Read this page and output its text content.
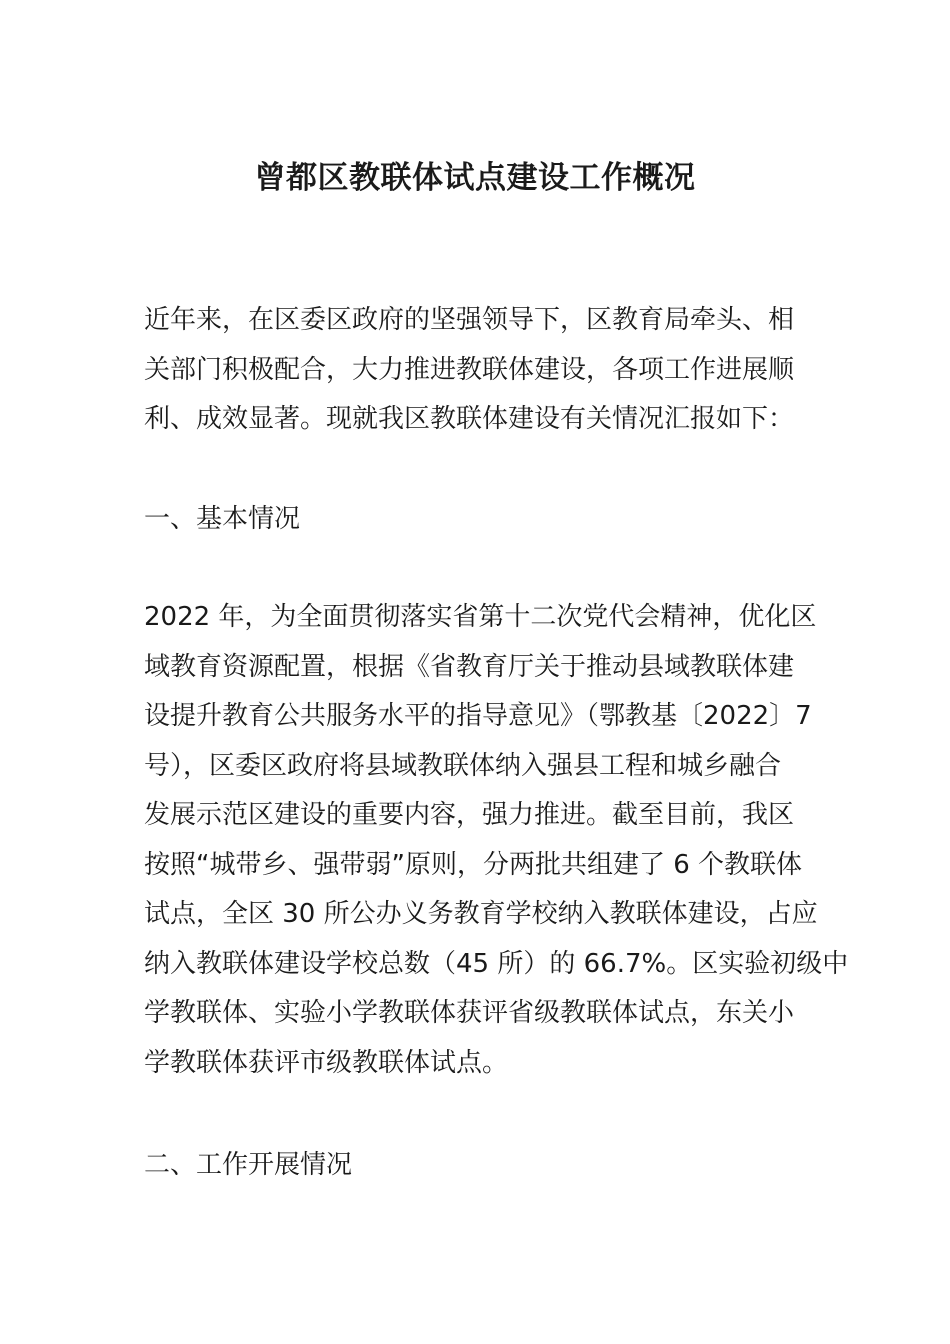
曾都区教联体试点建设工作概况

近年来，在区委区政府的坚强领导下，区教育局牵头、相
关部门积极配合，大力推进教联体建设，各项工作进展顺
利、成效显著。现就我区教联体建设有关情况汇报如下：

一、基本情况

2022 年，为全面贯彻落实省第十二次党代会精神，优化区
域教育资源配置，根据《省教育厅关于推动县域教联体建
设提升教育公共服务水平的指导意见》（鄂教基〔2022〕7
号），区委区政府将县域教联体纳入强县工程和城乡融合
发展示范区建设的重要内容，强力推进。截至目前，我区
按照“城带乡、强带弱”原则，分两批共组建了 6 个教联体
试点，全区 30 所公办义务教育学校纳入教联体建设，占应
纳入教联体建设学校总数（45 所）的 66.7%。区实验初级中
学教联体、实验小学教联体获评省级教联体试点，东关小
学教联体获评市级教联体试点。

二、工作开展情况
